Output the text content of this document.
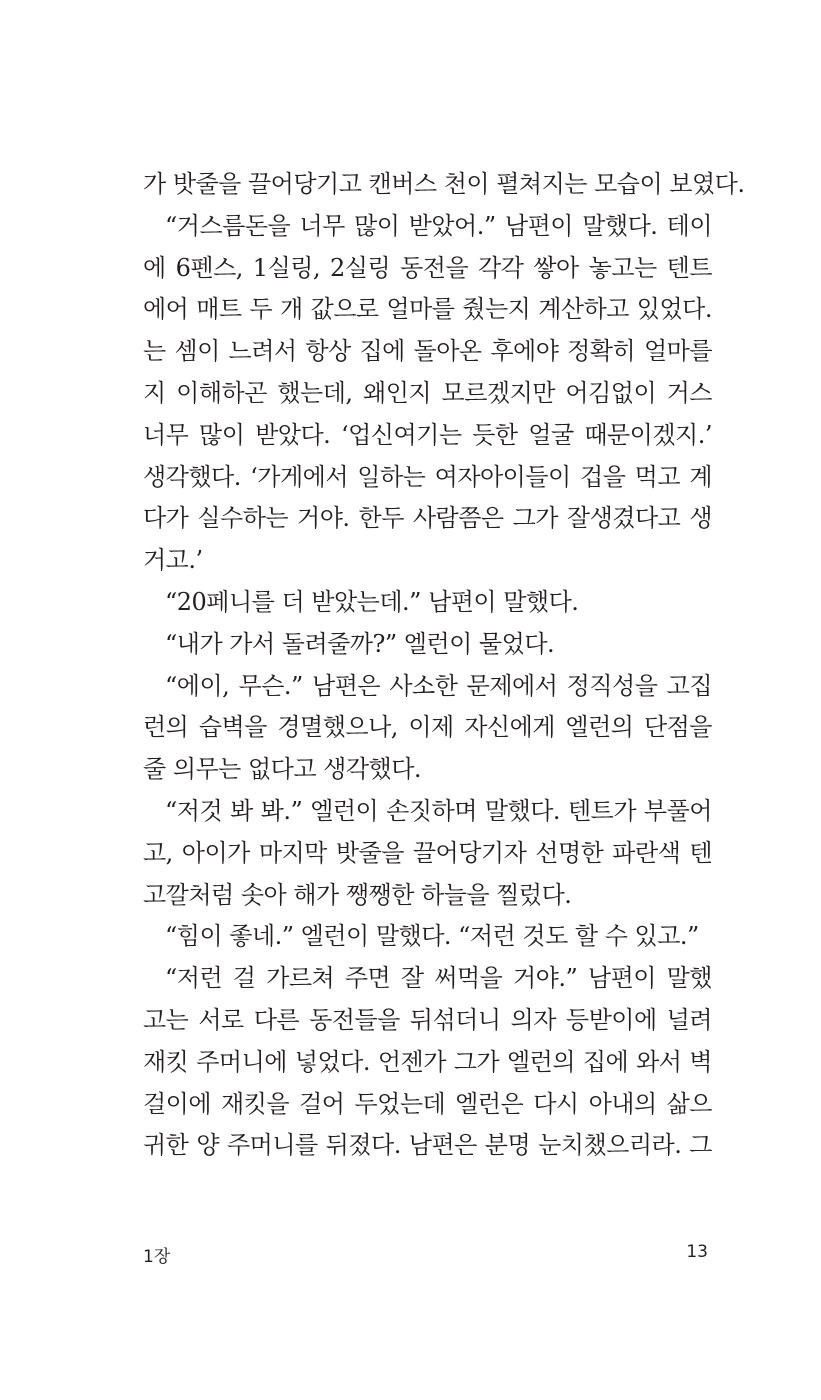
가 밧줄을 끌어당기고 캔버스 천이 펼쳐지는 모습이 보였다.
“거스름돈을 너무 많이 받았어.” 남편이 말했다. 테이
에 6펜스, 1실링, 2실링 동전을 각각 쌓아 놓고는 텐트
에어 매트 두 개 값으로 얼마를 줬는지 계산하고 있었다.
는 셈이 느려서 항상 집에 돌아온 후에야 정확히 얼마를
지 이해하곤 했는데, 왜인지 모르겠지만 어김없이 거스
너무 많이 받았다. ‘업신여기는 듯한 얼굴 때문이겠지.’
생각했다. ‘가게에서 일하는 여자아이들이 겁을 먹고 계
다가 실수하는 거야. 한두 사람쯤은 그가 잘생겼다고 생
거고.’
“20페니를 더 받았는데.” 남편이 말했다.
“내가 가서 돌려줄까?” 엘런이 물었다.
“에이, 무슨.” 남편은 사소한 문제에서 정직성을 고집
런의 습벽을 경멸했으나, 이제 자신에게 엘런의 단점을
줄 의무는 없다고 생각했다.
“저것 봐 봐.” 엘런이 손짓하며 말했다. 텐트가 부풀어
고, 아이가 마지막 밧줄을 끌어당기자 선명한 파란색 텐
고깔처럼 솟아 해가 쨍쨍한 하늘을 찔렀다.
“힘이 좋네.” 엘런이 말했다. “저런 것도 할 수 있고.”
“저런 걸 가르쳐 주면 잘 써먹을 거야.” 남편이 말했
고는 서로 다른 동전들을 뒤섞더니 의자 등받이에 널려
재킷 주머니에 넣었다. 언젠가 그가 엘런의 집에 와서 벽
걸이에 재킷을 걸어 두었는데 엘런은 다시 아내의 삶으
귀한 양 주머니를 뒤졌다. 남편은 분명 눈치챘으리라. 그
1장	13
